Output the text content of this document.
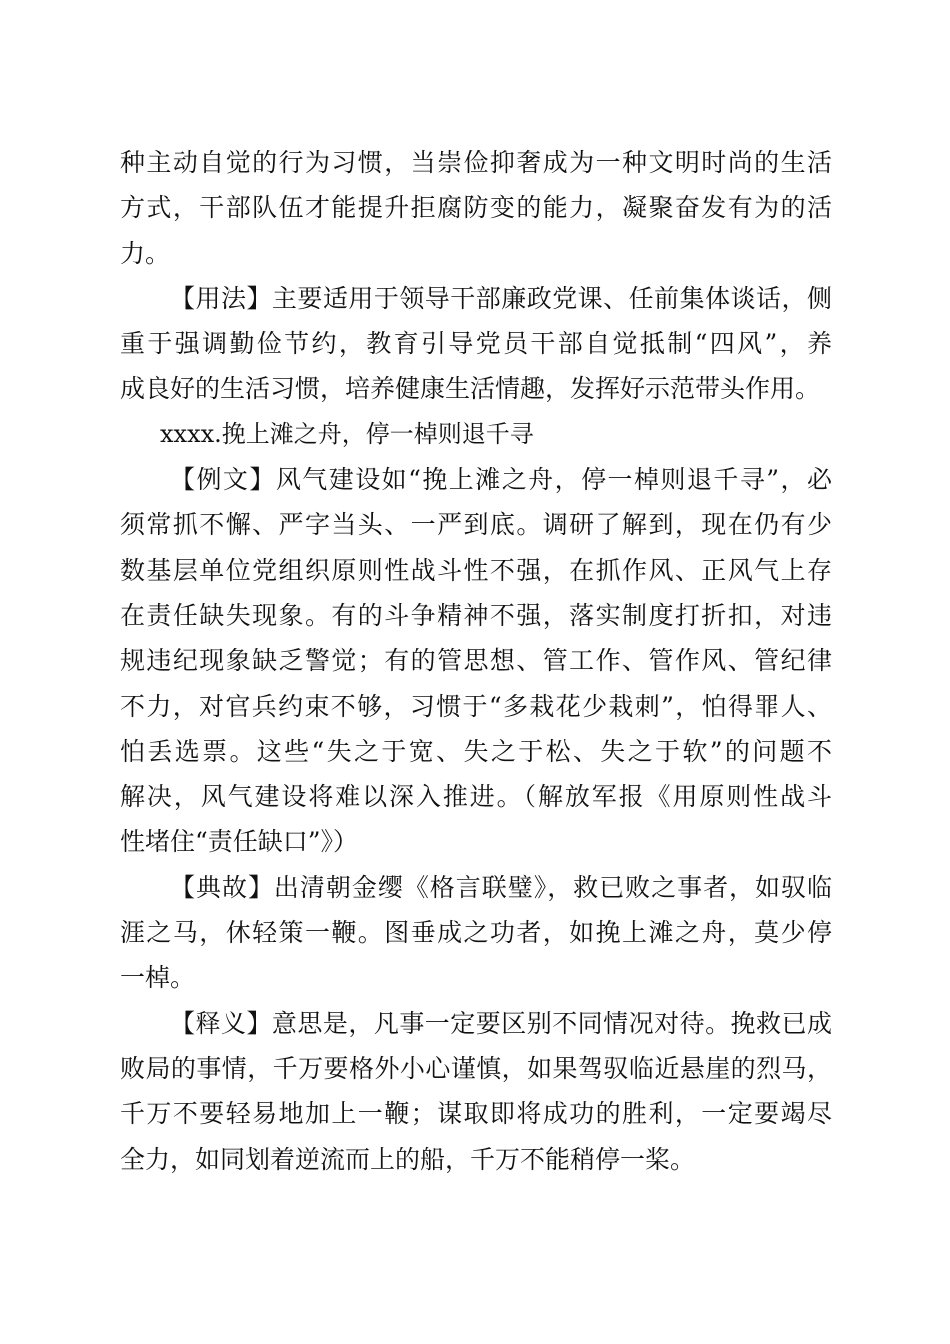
种主动自觉的行为习惯，当崇俭抑奢成为一种文明时尚的生活
方式，干部队伍才能提升拒腐防变的能力，凝聚奋发有为的活
力。
【用法】主要适用于领导干部廉政党课、任前集体谈话，侧
重于强调勤俭节约，教育引导党员干部自觉抵制“四风”，养
成良好的生活习惯，培养健康生活情趣，发挥好示范带头作用。
xxxx.挽上滩之舟，停一棹则退千寻
【例文】风气建设如“挽上滩之舟，停一棹则退千寻”，必
须常抓不懈、严字当头、一严到底。调研了解到，现在仍有少
数基层单位党组织原则性战斗性不强，在抓作风、正风气上存
在责任缺失现象。有的斗争精神不强，落实制度打折扣，对违
规违纪现象缺乏警觉；有的管思想、管工作、管作风、管纪律
不力，对官兵约束不够，习惯于“多栽花少栽刺”，怕得罪人、
怕丢选票。这些“失之于宽、失之于松、失之于软”的问题不
解决，风气建设将难以深入推进。（解放军报《用原则性战斗
性堵住“责任缺口”》）
【典故】出清朝金缨《格言联璧》，救已败之事者，如驭临
涯之马，休轻策一鞭。图垂成之功者，如挽上滩之舟，莫少停
一棹。
【释义】意思是，凡事一定要区别不同情况对待。挽救已成
败局的事情，千万要格外小心谨慎，如果驾驭临近悬崖的烈马，
千万不要轻易地加上一鞭；谋取即将成功的胜利，一定要竭尽
全力，如同划着逆流而上的船，千万不能稍停一桨。
